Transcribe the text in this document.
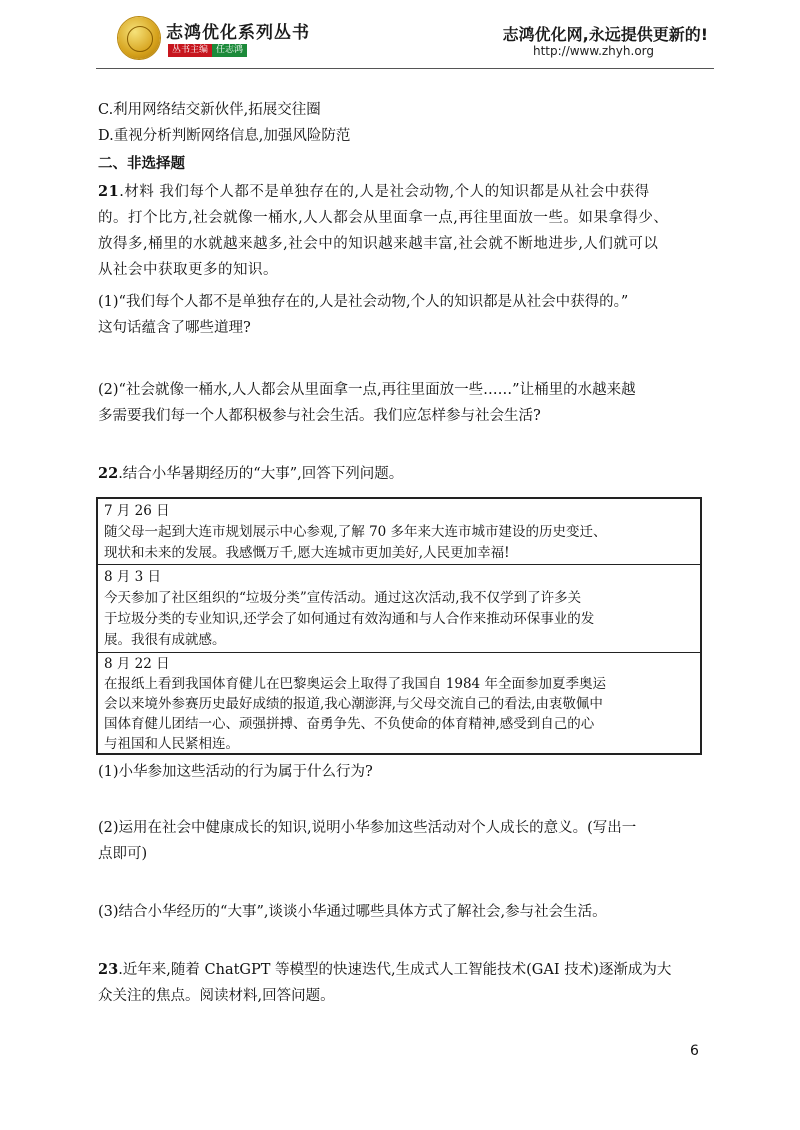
志鸿优化系列丛书
丛书主编 任志鸿
志鸿优化网,永远提供更新的!
http://www.zhyh.org
C.利用网络结交新伙伴,拓展交往圈
D.重视分析判断网络信息,加强风险防范
二、非选择题
21.材料 我们每个人都不是单独存在的,人是社会动物,个人的知识都是从社会中获得
的。打个比方,社会就像一桶水,人人都会从里面拿一点,再往里面放一些。如果拿得少、
放得多,桶里的水就越来越多,社会中的知识越来越丰富,社会就不断地进步,人们就可以
从社会中获取更多的知识。
(1)“我们每个人都不是单独存在的,人是社会动物,个人的知识都是从社会中获得的。”
这句话蕴含了哪些道理?
(2)“社会就像一桶水,人人都会从里面拿一点,再往里面放一些……”让桶里的水越来越
多需要我们每一个人都积极参与社会生活。我们应怎样参与社会生活?
22.结合小华暑期经历的“大事”,回答下列问题。
7 月 26 日
随父母一起到大连市规划展示中心参观,了解 70 多年来大连市城市建设的历史变迁、
现状和未来的发展。我感慨万千,愿大连城市更加美好,人民更加幸福!
8 月 3 日
今天参加了社区组织的“垃圾分类”宣传活动。通过这次活动,我不仅学到了许多关
于垃圾分类的专业知识,还学会了如何通过有效沟通和与人合作来推动环保事业的发
展。我很有成就感。
8 月 22 日
在报纸上看到我国体育健儿在巴黎奥运会上取得了我国自 1984 年全面参加夏季奥运
会以来境外参赛历史最好成绩的报道,我心潮澎湃,与父母交流自己的看法,由衷敬佩中
国体育健儿团结一心、顽强拼搏、奋勇争先、不负使命的体育精神,感受到自己的心
与祖国和人民紧相连。
(1)小华参加这些活动的行为属于什么行为?
(2)运用在社会中健康成长的知识,说明小华参加这些活动对个人成长的意义。(写出一
点即可)
(3)结合小华经历的“大事”,谈谈小华通过哪些具体方式了解社会,参与社会生活。
23.近年来,随着 ChatGPT 等模型的快速迭代,生成式人工智能技术(GAI 技术)逐渐成为大
众关注的焦点。阅读材料,回答问题。
6
